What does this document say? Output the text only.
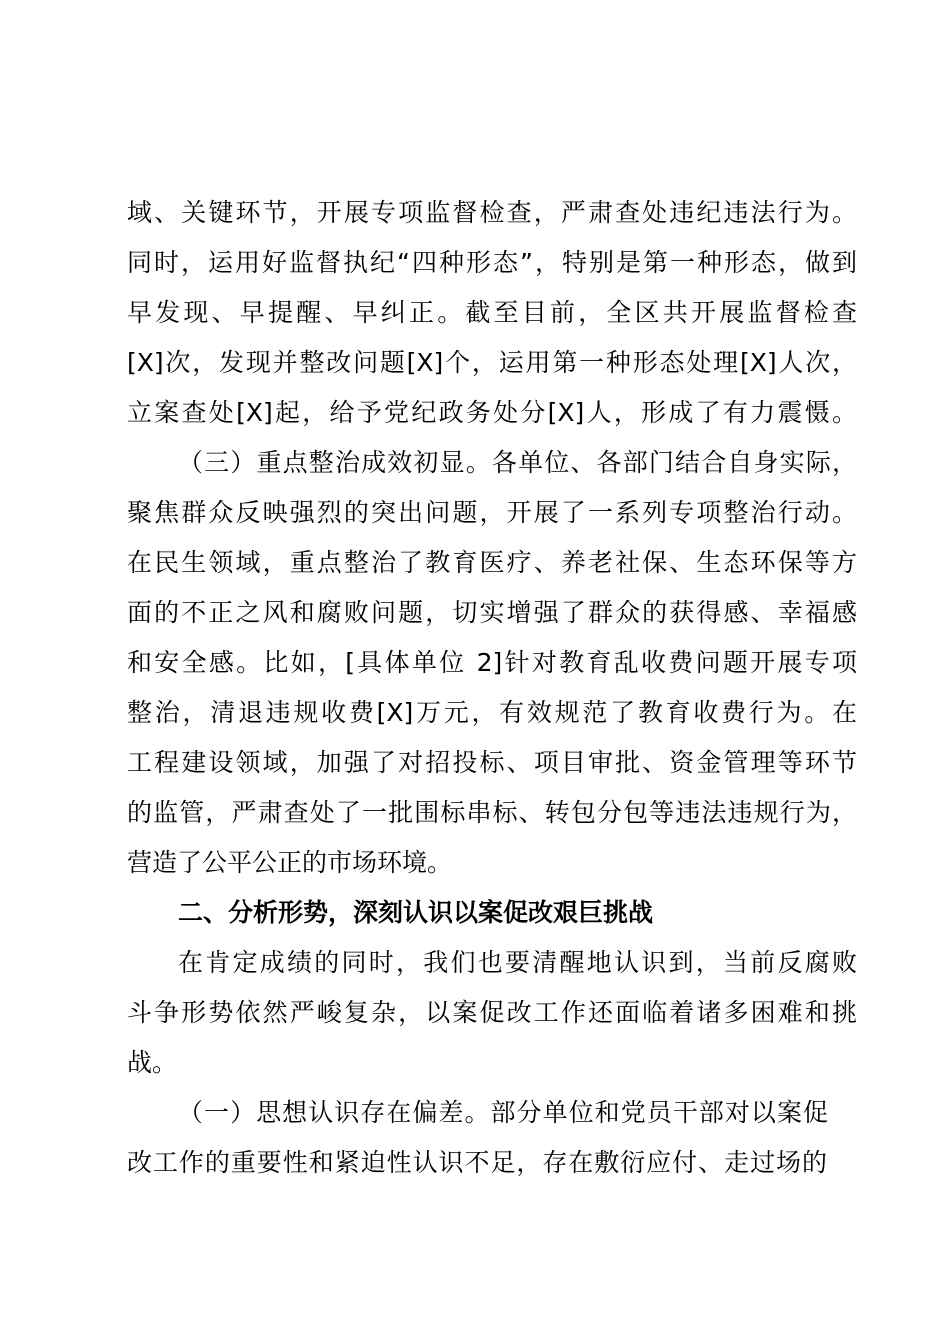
域、关键环节，开展专项监督检查，严肃查处违纪违法行为。
同时，运用好监督执纪“四种形态”，特别是第一种形态，做到
早发现、早提醒、早纠正。截至目前，全区共开展监督检查
[X]次，发现并整改问题[X]个，运用第一种形态处理[X]人次，
立案查处[X]起，给予党纪政务处分[X]人，形成了有力震慑。
（三）重点整治成效初显。各单位、各部门结合自身实际，
聚焦群众反映强烈的突出问题，开展了一系列专项整治行动。
在民生领域，重点整治了教育医疗、养老社保、生态环保等方
面的不正之风和腐败问题，切实增强了群众的获得感、幸福感
和安全感。比如，[具体单位 2]针对教育乱收费问题开展专项
整治，清退违规收费[X]万元，有效规范了教育收费行为。在
工程建设领域，加强了对招投标、项目审批、资金管理等环节
的监管，严肃查处了一批围标串标、转包分包等违法违规行为，
营造了公平公正的市场环境。
二、分析形势，深刻认识以案促改艰巨挑战
在肯定成绩的同时，我们也要清醒地认识到，当前反腐败
斗争形势依然严峻复杂，以案促改工作还面临着诸多困难和挑
战。
（一）思想认识存在偏差。部分单位和党员干部对以案促
改工作的重要性和紧迫性认识不足，存在敷衍应付、走过场的
